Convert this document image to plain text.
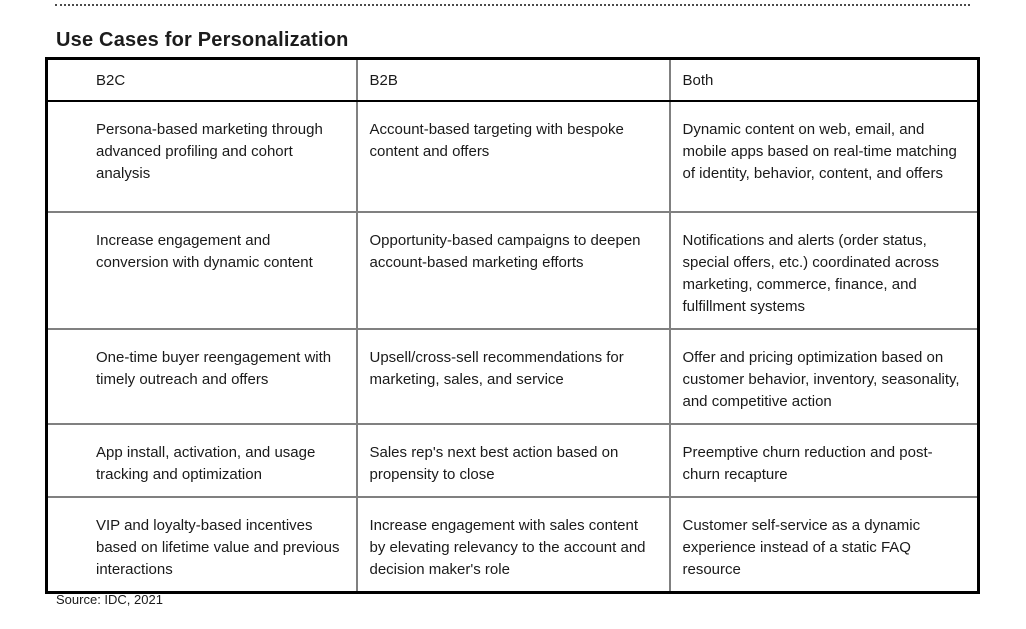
Use Cases for Personalization
B2C	B2B	Both
Persona-based marketing through advanced profiling and cohort analysis	Account-based targeting with bespoke content and offers	Dynamic content on web, email, and mobile apps based on real-time matching of identity, behavior, content, and offers
Increase engagement and conversion with dynamic content	Opportunity-based campaigns to deepen account-based marketing efforts	Notifications and alerts (order status, special offers, etc.) coordinated across marketing, commerce, finance, and fulfillment systems
One-time buyer reengagement with timely outreach and offers	Upsell/cross-sell recommendations for marketing, sales, and service	Offer and pricing optimization based on customer behavior, inventory, seasonality, and competitive action
App install, activation, and usage tracking and optimization	Sales rep's next best action based on propensity to close	Preemptive churn reduction and post-churn recapture
VIP and loyalty-based incentives based on lifetime value and previous interactions	Increase engagement with sales content by elevating relevancy to the account and decision maker's role	Customer self-service as a dynamic experience instead of a static FAQ resource
Source: IDC, 2021
